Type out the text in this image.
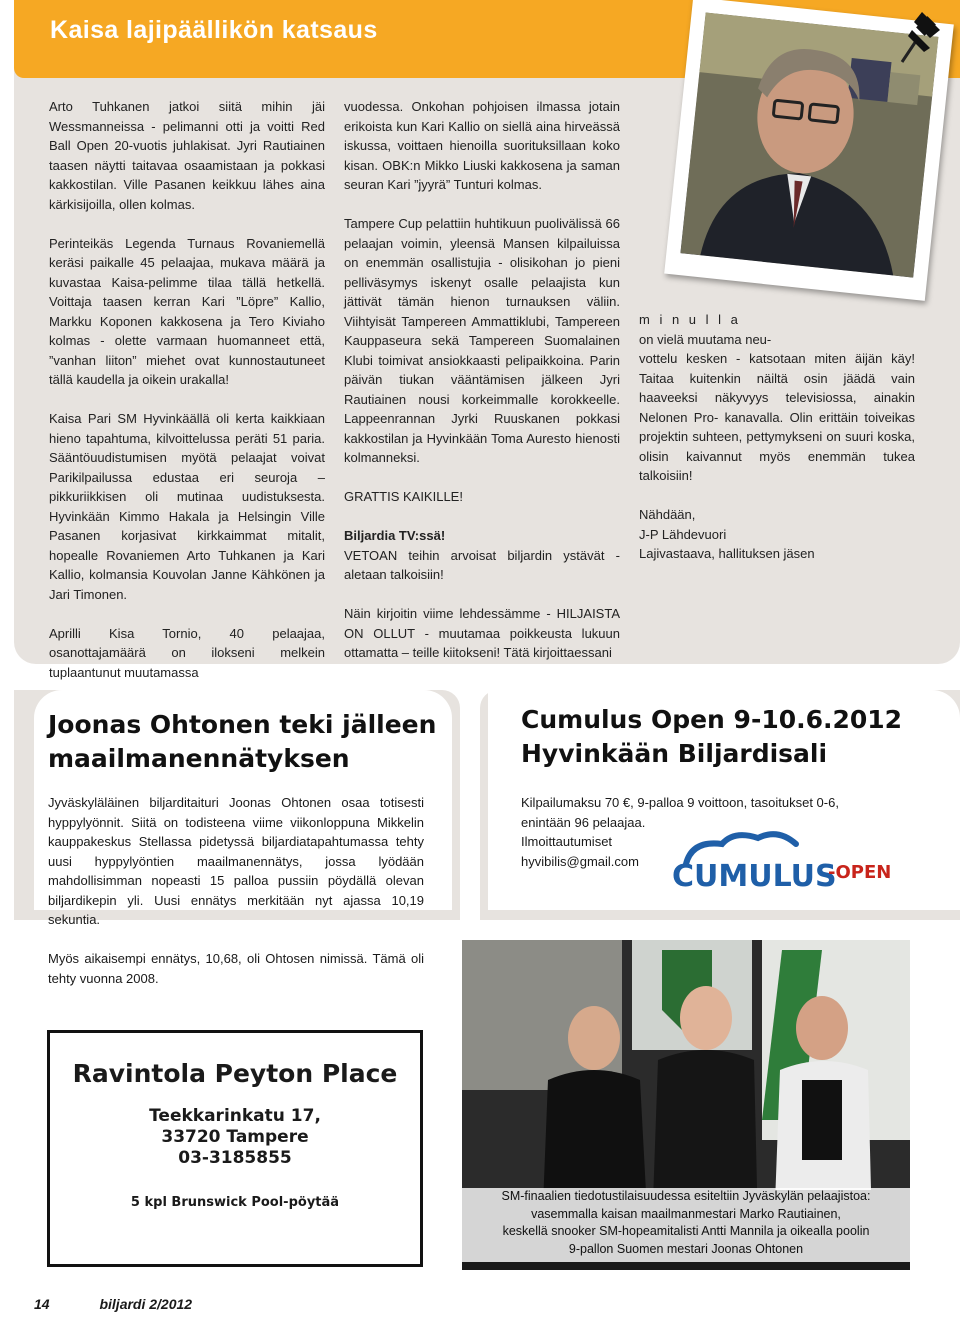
Kaisa lajipäällikön katsaus

Arto Tuhkanen jatkoi siitä mihin jäi Wessmanneissa - pelimanni otti ja voitti Red Ball Open 20-vuotis juhlakisat. Jyri Rautiainen taasen näytti taitavaa osaamistaan ja pokkasi kakkostilan. Ville Pasanen keikkuu lähes aina kärkisijoilla, ollen kolmas.

Perinteikäs Legenda Turnaus Rovaniemellä keräsi paikalle 45 pelaajaa, mukava määrä ja kuvastaa Kaisa-pelimme tilaa tällä hetkellä. Voittaja taasen kerran Kari ”Löpre” Kallio, Markku Koponen kakkosena ja Tero Kiviaho kolmas - olette varmaan huomanneet että, ”vanhan liiton” miehet ovat kunnostautuneet tällä kaudella ja oikein urakalla!

Kaisa Pari SM Hyvinkäällä oli kerta kaikkiaan hieno tapahtuma, kilvoittelussa peräti 51 paria. Sääntöuudistumisen myötä pelaajat voivat Parikilpailussa edustaa eri seuroja – pikkuriikkisen oli mutinaa uudistuksesta. Hyvinkään Kimmo Hakala ja Helsingin Ville Pasanen korjasivat kirkkaimmat mitalit, hopealle Rovaniemen Arto Tuhkanen ja Kari Kallio, kolmansia Kouvolan Janne Kähkönen ja Jari Timonen.

Aprilli Kisa Tornio, 40 pelaajaa, osanottajamäärä on ilokseni melkein tuplaantunut muutamassa

vuodessa. Onkohan pohjoisen ilmassa jotain erikoista kun Kari Kallio on siellä aina hirveässä iskussa, voittaen hienoilla suorituksillaan koko kisan. OBK:n Mikko Liuski kakkosena ja saman seuran Kari ”jyyrä” Tunturi kolmas.

Tampere Cup pelattiin huhtikuun puolivälissä 66 pelaajan voimin, yleensä Mansen kilpailuissa on enemmän osallistujia - olisikohan jo pieni pelliväsymys iskenyt osalle pelaajista kun jättivät tämän hienon turnauksen väliin. Viihtyisät Tampereen Ammattiklubi, Tampereen Kauppaseura sekä Tampereen Suomalainen Klubi toimivat ansiokkaasti pelipaikkoina. Parin päivän tiukan vääntämisen jälkeen Jyri Rautiainen nousi korkeimmalle korokkeelle. Lappeenrannan Jyrki Ruuskanen pokkasi kakkostilan ja Hyvinkään Toma Auresto hienosti kolmanneksi.

GRATTIS KAIKILLE!

Biljardia TV:ssä!

VETOAN teihin arvoisat biljardin ystävät - aletaan talkoisiin!

Näin kirjoitin viime lehdessämme - HILJAISTA ON OLLUT - muutamaa poikkeusta lukuun ottamatta – teille kiitokseni! Tätä kirjoittaessani

m i n u l l a

on vielä muutama neu-

vottelu kesken - katsotaan miten äijän käy! Taitaa kuitenkin näiltä osin jäädä vain haaveeksi näkyvyys televisiossa, ainakin Nelonen Pro- kanavalla. Olin erittäin toiveikas projektin suhteen, pettymykseni on suuri koska, olisin kaivannut myös enemmän tukea talkoisiin!

Nähdään,

J-P Lähdevuori

Lajivastaava, hallituksen jäsen

Joonas Ohtonen teki jälleen maailmanennätyksen

Jyväskyläläinen biljarditaituri Joonas Ohtonen osaa totisesti hyppylyönnit. Siitä on todisteena viime viikonloppuna Mikkelin kauppakeskus Stellassa pidetyssä biljardiatapahtumassa tehty uusi hyppylyöntien maailmanennätys, jossa lyödään mahdollisimman nopeasti 15 palloa pussiin pöydällä olevan biljardikepin yli. Uusi ennätys merkitään nyt ajassa 10,19 sekuntia.

Myös aikaisempi ennätys, 10,68, oli Ohtosen nimissä. Tämä oli tehty vuonna 2008.

Cumulus Open 9-10.6.2012
Hyvinkään Biljardisali
Kilpailumaksu 70 €, 9-palloa 9 voittoon, tasoitukset 0-6,
enintään 96 pelaajaa.
Ilmoittautumiset
hyvibilis@gmail.com	CUMULUS
-OPEN
Ravintola Peyton Place
Teekkarinkatu 17,
33720 Tampere
03-3185855
5 kpl Brunswick Pool-pöytää	SM-finaalien tiedotustilaisuudessa esiteltiin Jyväskylän pelaajistoa:
vasemmalla kaisan maailmanmestari Marko Rautiainen,
keskellä snooker SM-hopeamitalisti Antti Mannila ja oikealla poolin
9-pallon Suomen mestari Joonas Ohtonen
14	biljardi 2/2012
